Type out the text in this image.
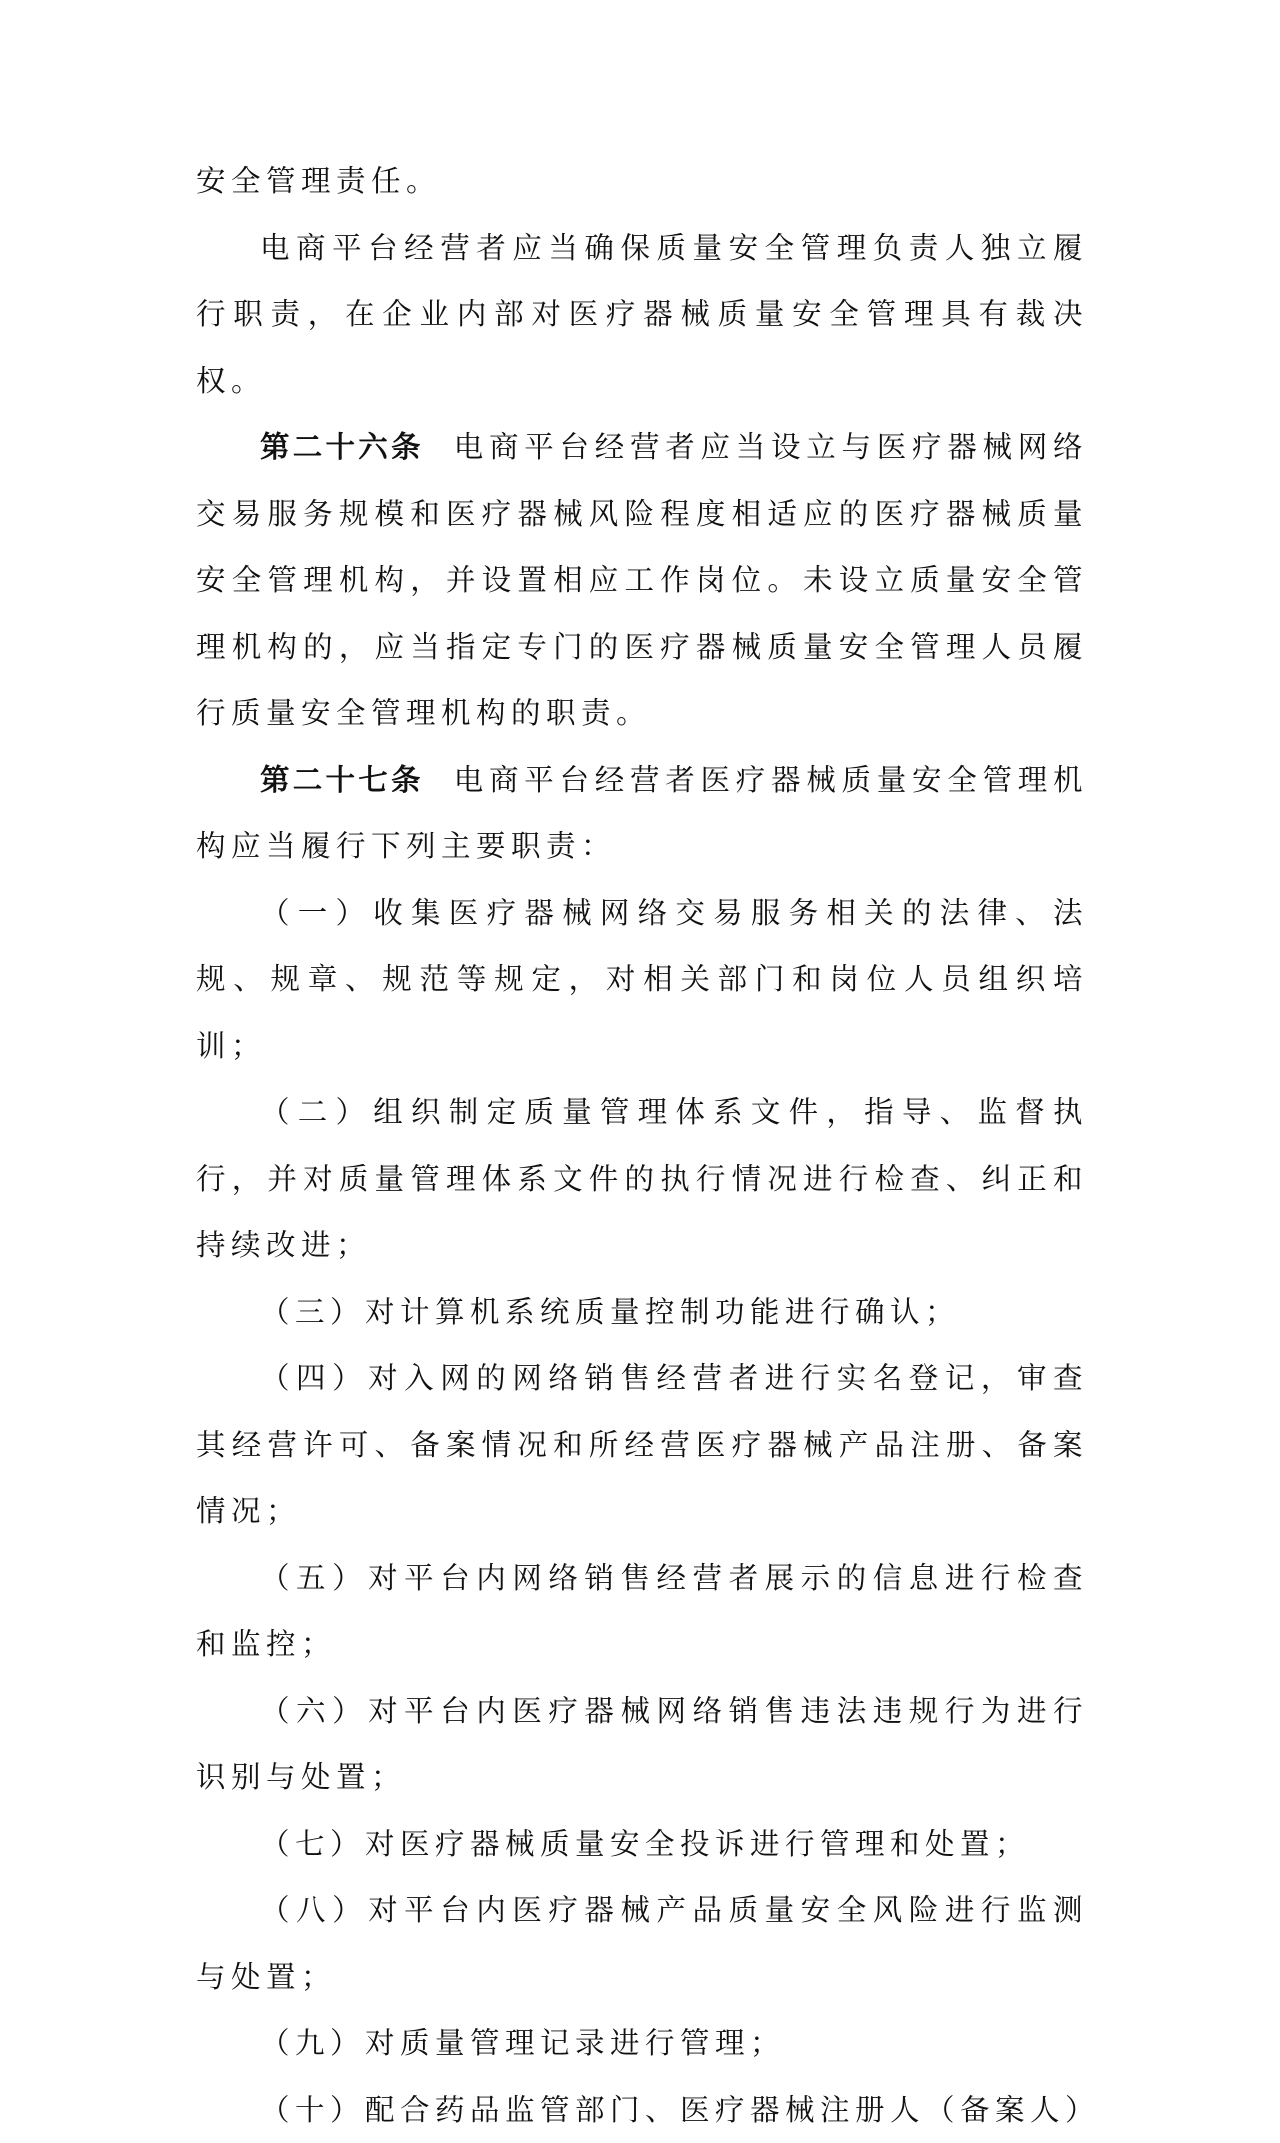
安全管理责任。

电商平台经营者应当确保质量安全管理负责人独立履行职责，在企业内部对医疗器械质量安全管理具有裁决权。

第二十六条 电商平台经营者应当设立与医疗器械网络交易服务规模和医疗器械风险程度相适应的医疗器械质量安全管理机构，并设置相应工作岗位。未设立质量安全管理机构的，应当指定专门的医疗器械质量安全管理人员履行质量安全管理机构的职责。

第二十七条 电商平台经营者医疗器械质量安全管理机构应当履行下列主要职责：

（一）收集医疗器械网络交易服务相关的法律、法规、规章、规范等规定，对相关部门和岗位人员组织培训；

（二）组织制定质量管理体系文件，指导、监督执行，并对质量管理体系文件的执行情况进行检查、纠正和持续改进；

（三）对计算机系统质量控制功能进行确认；

（四）对入网的网络销售经营者进行实名登记，审查其经营许可、备案情况和所经营医疗器械产品注册、备案情况；

（五）对平台内网络销售经营者展示的信息进行检查和监控；

（六）对平台内医疗器械网络销售违法违规行为进行识别与处置；

（七）对医疗器械质量安全投诉进行管理和处置；

（八）对平台内医疗器械产品质量安全风险进行监测与处置；

（九）对质量管理记录进行管理；

（十）配合药品监管部门、医疗器械注册人（备案人）
